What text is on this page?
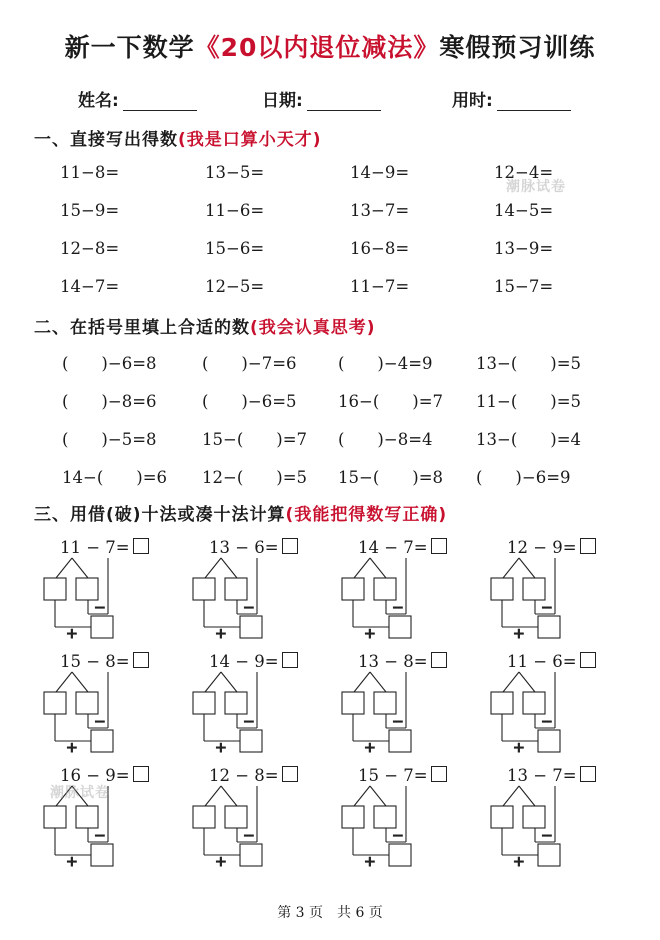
新一下数学《20以内退位减法》寒假预习训练
姓名:	日期:	用时:
一、直接写出得数(我是口算小天才)
11−8=	13−5=	14−9=	12−4=
15−9=	11−6=	13−7=	14−5=
12−8=	15−6=	16−8=	13−9=
14−7=	12−5=	11−7=	15−7=
二、在括号里填上合适的数(我会认真思考)
(　　)−6=8	(　　)−7=6	(　　)−4=9	13−(　　)=5
(　　)−8=6	(　　)−6=5	16−(　　)=7 11−(　　)=5
(　　)−5=8	15−(　　)=7 (　　)−8=4	13−(　　)=4
14−(　　)=6 12−(　　)=5 15−(　　)=8 (　　)−6=9
三、用借(破)十法或凑十法计算(我能把得数写正确)
11 − 7=
−
+
13 − 6=
−
+
14 − 7=
−
+
12 − 9=
−
+
15 − 8=
−
+
14 − 9=
−
+
13 − 8=
−
+
11 − 6=
−
+
16 − 9=
−
+
12 − 8=
−
+
15 − 7=
−
+
13 − 7=
−
+
潮脉试卷
潮脉试卷
第 3 页　共 6 页
